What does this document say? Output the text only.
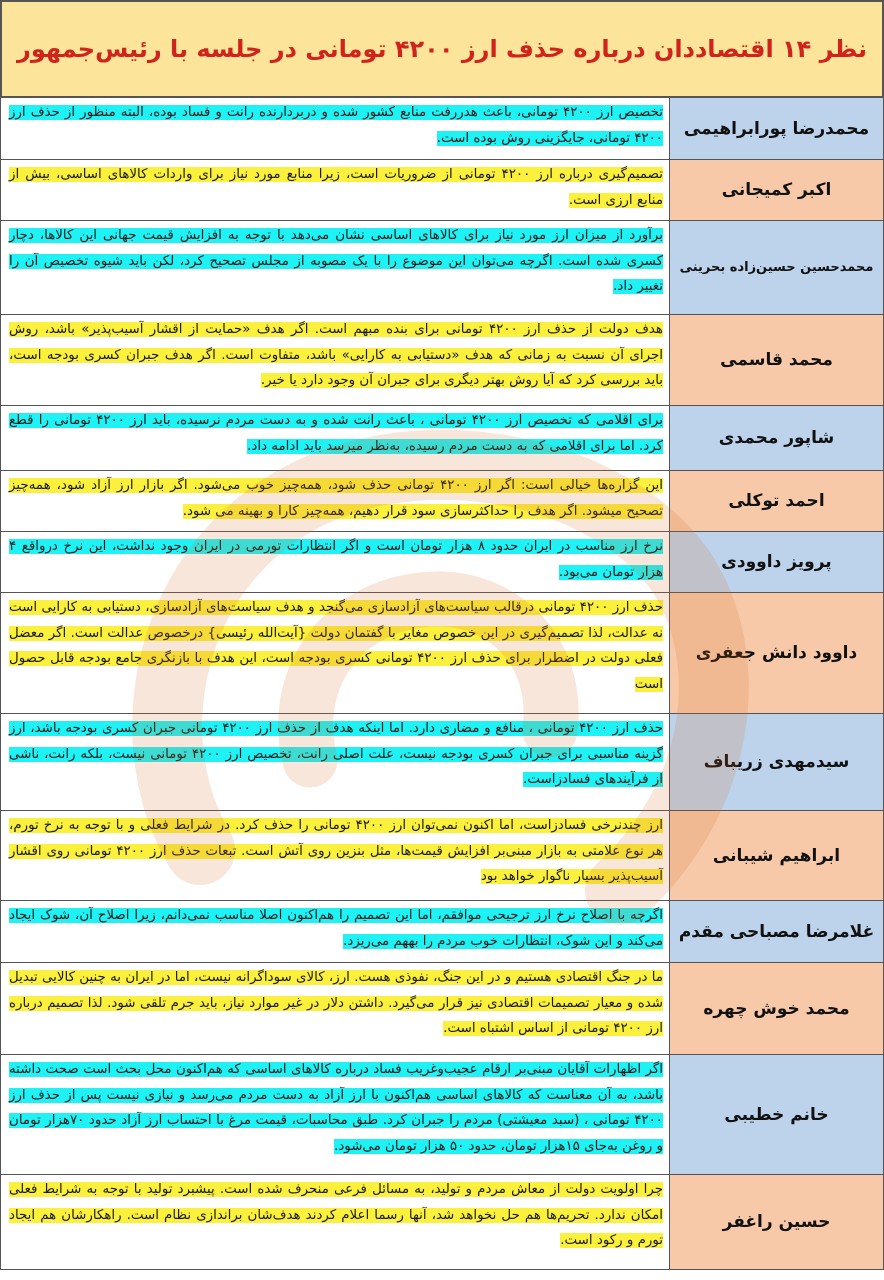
نظر ۱۴ اقتصاددان درباره حذف ارز ۴۲۰۰ تومانی در جلسه با رئیس‌جمهور
محمدرضا پورابراهیمی

تخصیص ارز ۴۲۰۰ تومانی، باعث هدررفت منابع کشور شده و دربردارنده رانت و فساد بوده، البته منظور از حذف ارز ۴۲۰۰ تومانی، جایگزینی روش بوده است.

اکبر کمیجانی

تصمیم‌گیری درباره ارز ۴۲۰۰ تومانی از ضروریات است، زیرا منابع مورد نیاز برای واردات کالاهای اساسی، بیش از منابع ارزی است.

محمدحسین حسین‌زاده بحرینی

برآورد از میزان ارز مورد نیاز برای کالاهای اساسی نشان می‌دهد با توجه به افزایش قیمت جهانی این کالاها، دچار کسری شده است. اگرچه می‌توان این موضوع را با یک مصوبه از مجلس تصحیح کرد، لکن باید شیوه تخصیص آن را تغییر داد.

محمد قاسمی

هدف دولت از حذف ارز ۴۲۰۰ تومانی برای بنده مبهم است. اگر هدف «حمایت از اقشار آسیب‌پذیر» باشد، روش اجرای آن نسبت به زمانی که هدف «دستیابی به کارایی» باشد، متفاوت است. اگر هدف جبران کسری بودجه است، باید بررسی کرد که آیا روش بهتر دیگری برای جبران آن وجود دارد یا خیر.

شاپور محمدی

برای اقلامی که تخصیص ارز ۴۲۰۰ تومانی ، باعث رانت شده و به دست مردم نرسیده، باید ارز ۴۲۰۰ تومانی را قطع کرد. اما برای اقلامی که به دست مردم رسیده، به‌نظر میرسد باید ادامه داد.

احمد توکلی

این گزاره‌ها خیالی است: اگر ارز ۴۲۰۰ تومانی حذف شود، همه‌چیز خوب می‌شود. اگر بازار ارز آزاد شود، همه‌چیز تصحیح میشود. اگر هدف را حداکثرسازی سود قرار دهیم، همه‌چیز کارا و بهینه می شود.

پرویز داوودی

نرخ ارز مناسب در ایران حدود ۸ هزار تومان است و اگر انتظارات تورمی در ایران وجود نداشت، این نرخ درواقع ۴ هزار تومان می‌بود.

داوود دانش جعفری

حذف ارز ۴۲۰۰ تومانی درقالب سیاست‌های آزادسازی می‌گنجد و هدف سیاست‌های آزادسازی، دستیابی به کارایی است نه عدالت، لذا تصمیم‌گیری در این خصوص مغایر با گفتمان دولت {آیت‌الله رئیسی} درخصوص عدالت است. اگر معضل فعلی دولت در اضطرار برای حذف ارز ۴۲۰۰ تومانی کسری بودجه است، این هدف با بازنگری جامع بودجه قابل حصول است

سیدمهدی زریباف

حذف ارز ۴۲۰۰ تومانی ، منافع و مضاری دارد. اما اینکه هدف از حذف ارز ۴۲۰۰ تومانی جبران کسری بودجه باشد، ارز گزینه مناسبی برای جبران کسری بودجه نیست، علت اصلی رانت، تخصیص ارز ۴۲۰۰ تومانی نیست، بلکه رانت، ناشی از فرآیندهای فسادزاست.

ابراهیم شیبانی

ارز چندنرخی فسادزاست، اما اکنون نمی‌توان ارز ۴۲۰۰ تومانی را حذف کرد. در شرایط فعلی و با توجه به نرخ تورم، هر نوع علامتی به بازار مبنی‌بر افزایش قیمت‌ها، مثل بنزین روی آتش است. تبعات حذف ارز ۴۲۰۰ تومانی روی اقشار آسیب‌پذیر بسیار ناگوار خواهد بود

غلامرضا مصباحی مقدم

اگرچه با اصلاح نرخ ارز ترجیحی موافقم، اما این تصمیم را هم‌اکنون اصلا مناسب نمی‌دانم، زیرا اصلاح آن، شوک ایجاد می‌کند و این شوک، انتظارات خوب مردم را بههم می‌ریزد.

محمد خوش چهره

ما در جنگ اقتصادی هستیم و در این جنگ، نفوذی هست. ارز، کالای سوداگرانه نیست، اما در ایران به چنین کالایی تبدیل شده و معیار تصمیمات اقتصادی نیز قرار می‌گیرد. داشتن دلار در غیر موارد نیاز، باید جرم تلقی شود. لذا تصمیم درباره ارز ۴۲۰۰ تومانی از اساس اشتباه است.

خانم خطیبی

اگر اظهارات آقایان مبنی‌بر ارقام عجیب‌وغریب فساد درباره کالاهای اساسی که هم‌اکنون محل بحث است صحت داشته باشد، به آن معناست که کالاهای اساسی هم‌اکنون با ارز آزاد به دست مردم می‌رسد و نیازی نیست پس از حذف ارز ۴۲۰۰ تومانی ، (سبد معیشتی) مردم را جبران کرد. طبق محاسبات، قیمت مرغ با احتساب ارز آزاد حدود ۷۰هزار تومان و روغن به‌جای ۱۵هزار تومان، حدود ۵۰ هزار تومان می‌شود.

حسین راغفر

چرا اولویت دولت از معاش مردم و تولید، به مسائل فرعی منحرف شده است. پیشبرد تولید با توجه به شرایط فعلی امکان ندارد. تحریم‌ها هم حل نخواهد شد، آنها رسما اعلام کردند هدف‌شان براندازی نظام است. راهکارشان هم ایجاد تورم و رکود است.
